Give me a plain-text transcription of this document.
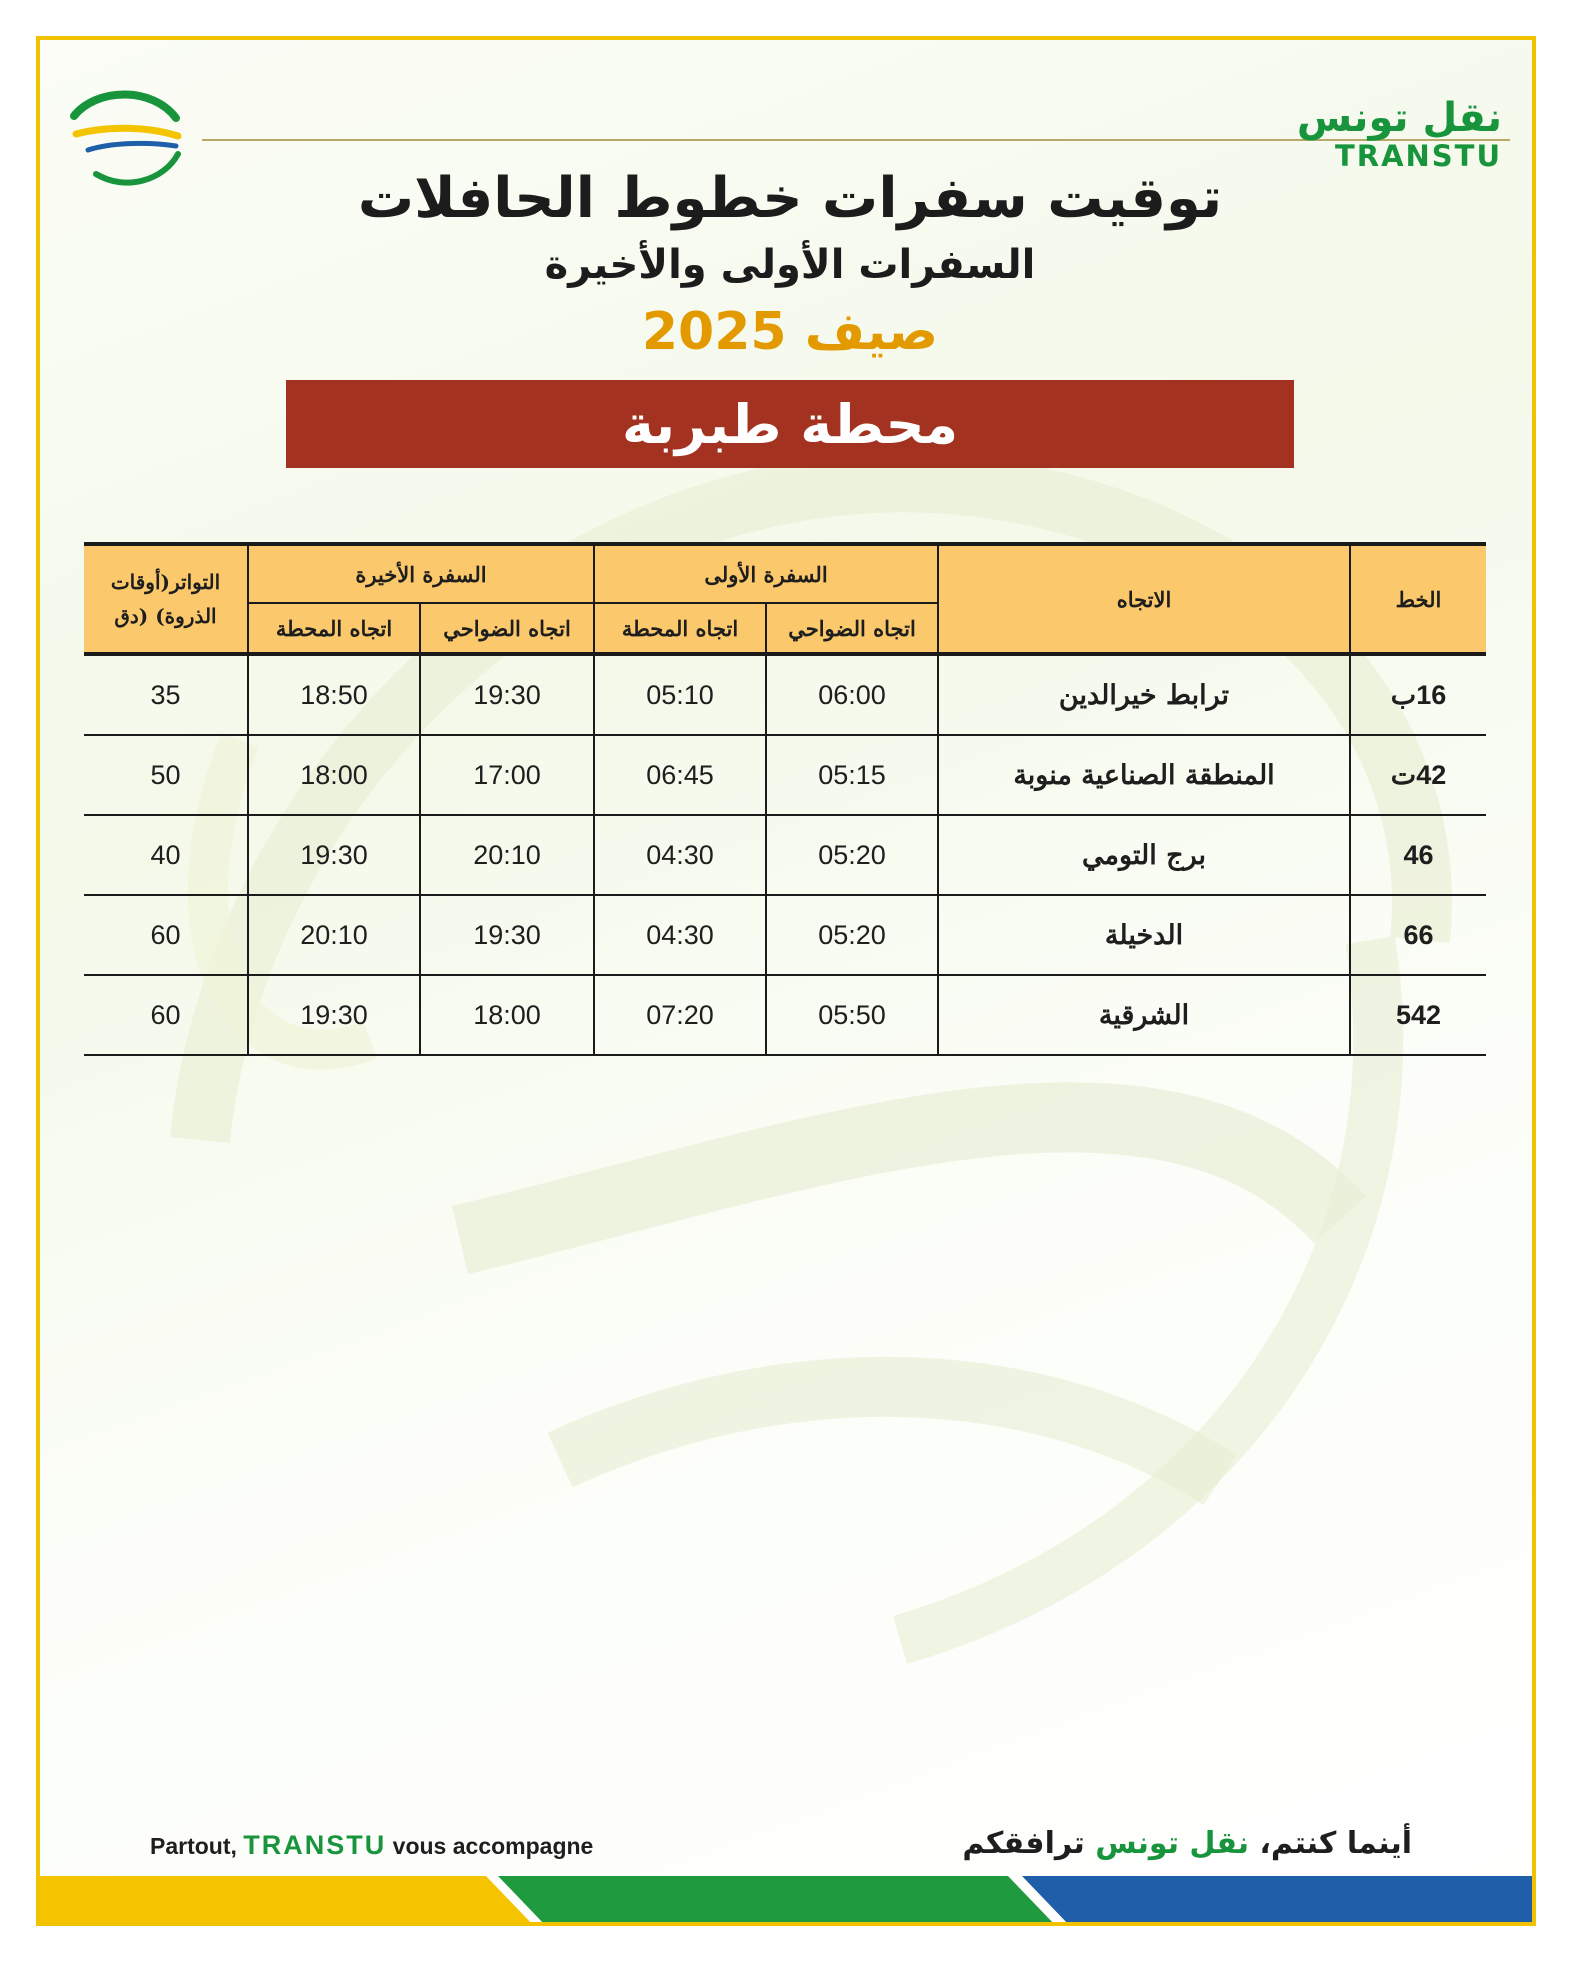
نقل تونس
TRANSTU
توقيت سفرات خطوط الحافلات
السفرات الأولى والأخيرة
صيف 2025
محطة طبربة
الخط	الاتجاه	السفرة الأولى		السفرة الأخيرة		التواتر(أوقات
الذروة) (دق

		اتجاه الضواحي	اتجاه المحطة	اتجاه الضواحي	اتجاه المحطة	
16ب	ترابط خيرالدين	06:00	05:10	19:30	18:50	35
42ت	المنطقة الصناعية منوبة	05:15	06:45	17:00	18:00	50
46	برج التومي	05:20	04:30	20:10	19:30	40
66	الدخيلة	05:20	04:30	19:30	20:10	60
542	الشرقية	05:50	07:20	18:00	19:30	60
Partout, TRANSTU vous accompagne	أينما كنتم، نقل تونس ترافقكم
